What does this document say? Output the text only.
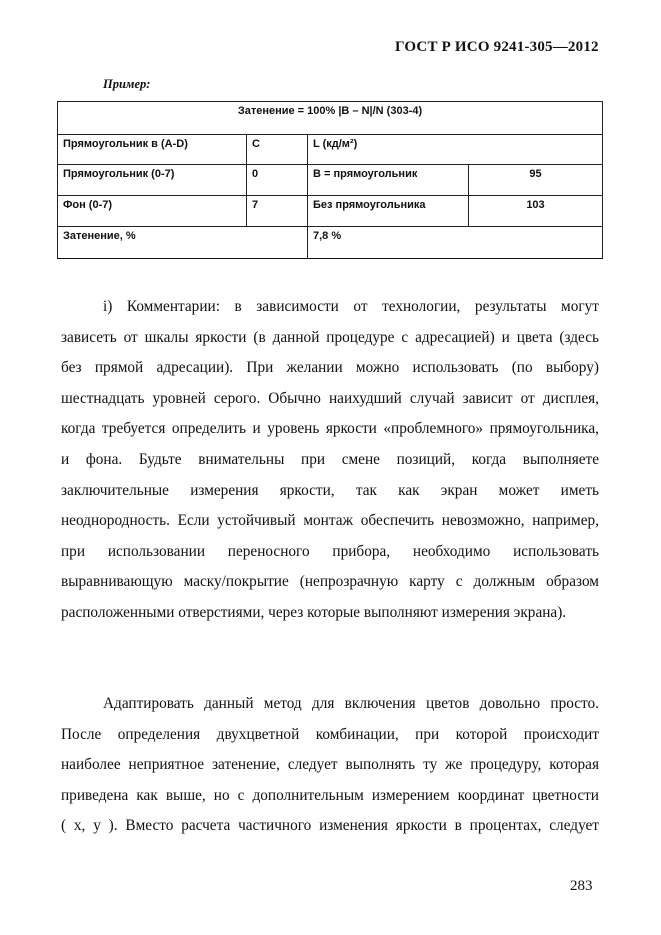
ГОСТ Р ИСО 9241-305—2012
Пример:
Затенение = 100% |B – N|/N (303-4)			
Прямоугольник в (A-D)	С	L (кд/м²)	
Прямоугольник (0-7)	0	B = прямоугольник	95
Фон (0-7)	7	Без прямоугольника	103
Затенение, %		7,8 %	
i) Комментарии: в зависимости от технологии, результаты могут
зависеть от шкалы яркости (в данной процедуре с адресацией) и цвета (здесь
без прямой адресации). При желании можно использовать (по выбору)
шестнадцать уровней серого. Обычно наихудший случай зависит от дисплея,
когда требуется определить и уровень яркости «проблемного» прямоугольника,
и фона. Будьте внимательны при смене позиций, когда выполняете
заключительные измерения яркости, так как экран может иметь
неоднородность. Если устойчивый монтаж обеспечить невозможно, например,
при использовании переносного прибора, необходимо использовать
выравнивающую маску/покрытие (непрозрачную карту с должным образом
расположенными отверстиями, через которые выполняют измерения экрана).
Адаптировать данный метод для включения цветов довольно просто.
После определения двухцветной комбинации, при которой происходит
наиболее неприятное затенение, следует выполнять ту же процедуру, которая
приведена как выше, но с дополнительным измерением координат цветности
( x, y ). Вместо расчета частичного изменения яркости в процентах, следует
283
